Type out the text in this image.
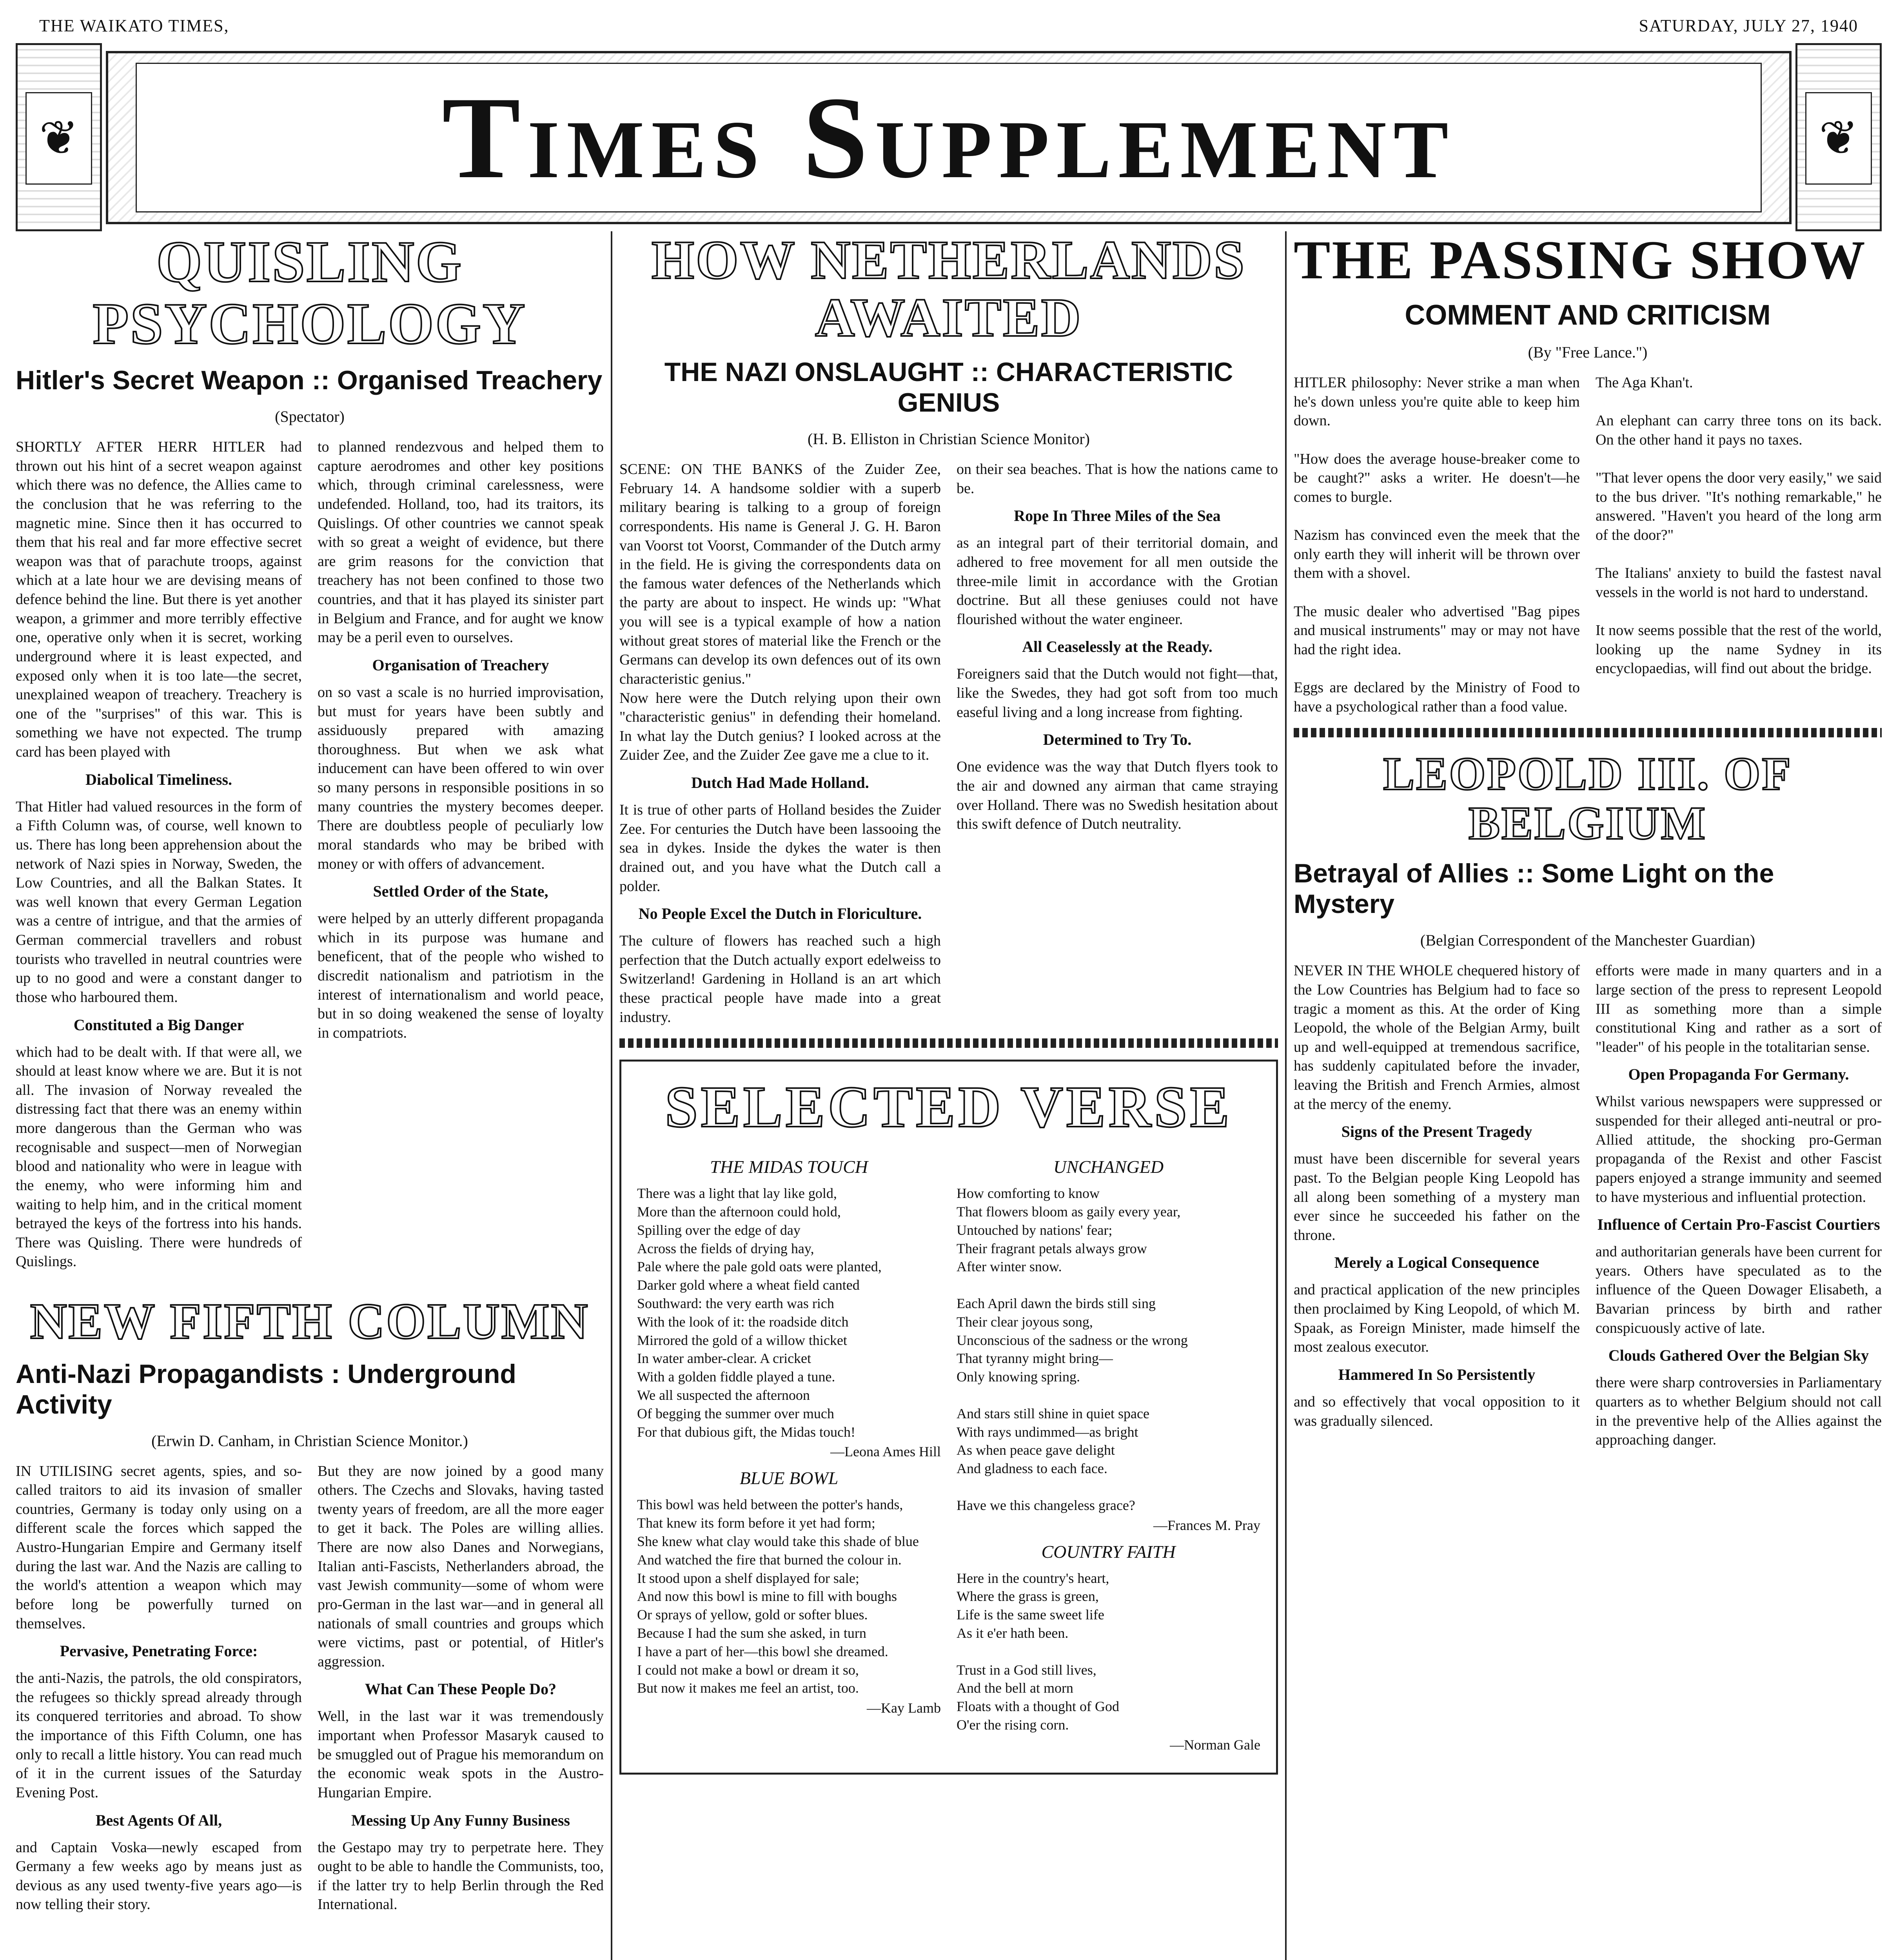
THE WAIKATO TIMES,	SATURDAY, JULY 27, 1940
❦	❦
Times Supplement
QUISLING PSYCHOLOGY
Hitler's Secret Weapon :: Organised Treachery
(Spectator)

SHORTLY AFTER HERR HITLER had thrown out his hint of a secret weapon against which there was no defence, the Allies came to the conclusion that he was referring to the magnetic mine. Since then it has occurred to them that his real and far more effective secret weapon was that of parachute troops, against which at a late hour we are devising means of defence behind the line. But there is yet another weapon, a grimmer and more terribly effective one, operative only when it is secret, working underground where it is least expected, and exposed only when it is too late—the secret, unexplained weapon of treachery. Treachery is one of the "surprises" of this war. This is something we have not expected. The trump card has been played with

Diabolical Timeliness.

That Hitler had valued resources in the form of a Fifth Column was, of course, well known to us. There has long been apprehension about the network of Nazi spies in Norway, Sweden, the Low Countries, and all the Balkan States. It was well known that every German Legation was a centre of intrigue, and that the armies of German commercial travellers and robust tourists who travelled in neutral countries were up to no good and were a constant danger to those who harboured them.

Constituted a Big Danger

which had to be dealt with. If that were all, we should at least know where we are. But it is not all. The invasion of Norway revealed the distressing fact that there was an enemy within more dangerous than the German who was recognisable and suspect—men of Norwegian blood and nationality who were in league with the enemy, who were informing him and waiting to help him, and in the critical moment betrayed the keys of the fortress into his hands. There was Quisling. There were hundreds of Quislings.

to planned rendezvous and helped them to capture aerodromes and other key positions which, through criminal carelessness, were undefended. Holland, too, had its traitors, its Quislings. Of other countries we cannot speak with so great a weight of evidence, but there are grim reasons for the conviction that treachery has not been confined to those two countries, and that it has played its sinister part in Belgium and France, and for aught we know may be a peril even to ourselves.

Organisation of Treachery

on so vast a scale is no hurried improvisation, but must for years have been subtly and assiduously prepared with amazing thoroughness. But when we ask what inducement can have been offered to win over so many persons in responsible positions in so many countries the mystery becomes deeper. There are doubtless people of peculiarly low moral standards who may be bribed with money or with offers of advancement.

Settled Order of the State,

were helped by an utterly different propaganda which in its purpose was humane and beneficent, that of the people who wished to discredit nationalism and patriotism in the interest of internationalism and world peace, but in so doing weakened the sense of loyalty in compatriots.

NEW FIFTH COLUMN
Anti-Nazi Propagandists : Underground Activity
(Erwin D. Canham, in Christian Science Monitor.)

IN UTILISING secret agents, spies, and so-called traitors to aid its invasion of smaller countries, Germany is today only using on a different scale the forces which sapped the Austro-Hungarian Empire and Germany itself during the last war. And the Nazis are calling to the world's attention a weapon which may before long be powerfully turned on themselves.

Pervasive, Penetrating Force:

the anti-Nazis, the patrols, the old conspirators, the refugees so thickly spread already through its conquered territories and abroad. To show the importance of this Fifth Column, one has only to recall a little history. You can read much of it in the current issues of the Saturday Evening Post.

Best Agents Of All,

and Captain Voska—newly escaped from Germany a few weeks ago by means just as devious as any used twenty-five years ago—is now telling their story.

But they are now joined by a good many others. The Czechs and Slovaks, having tasted twenty years of freedom, are all the more eager to get it back. The Poles are willing allies. There are now also Danes and Norwegians, Italian anti-Fascists, Netherlanders abroad, the vast Jewish community—some of whom were pro-German in the last war—and in general all nationals of small countries and groups which were victims, past or potential, of Hitler's aggression.

What Can These People Do?

Well, in the last war it was tremendously important when Professor Masaryk caused to be smuggled out of Prague his memorandum on the economic weak spots in the Austro-Hungarian Empire.

Messing Up Any Funny Business

the Gestapo may try to perpetrate here. They ought to be able to handle the Communists, too, if the latter try to help Berlin through the Red International.

HOW NETHERLANDS AWAITED
THE NAZI ONSLAUGHT :: CHARACTERISTIC GENIUS
(H. B. Elliston in Christian Science Monitor)

SCENE: ON THE BANKS of the Zuider Zee, February 14. A handsome soldier with a superb military bearing is talking to a group of foreign correspondents. His name is General J. G. H. Baron van Voorst tot Voorst, Commander of the Dutch army in the field. He is giving the correspondents data on the famous water defences of the Netherlands which the party are about to inspect. He winds up: "What you will see is a typical example of how a nation without great stores of material like the French or the Germans can develop its own defences out of its own characteristic genius."

Now here were the Dutch relying upon their own "characteristic genius" in defending their homeland. In what lay the Dutch genius? I looked across at the Zuider Zee, and the Zuider Zee gave me a clue to it.

Dutch Had Made Holland.

It is true of other parts of Holland besides the Zuider Zee. For centuries the Dutch have been lassooing the sea in dykes. Inside the dykes the water is then drained out, and you have what the Dutch call a polder.

No People Excel the Dutch in Floriculture.

The culture of flowers has reached such a high perfection that the Dutch actually export edelweiss to Switzerland! Gardening in Holland is an art which these practical people have made into a great industry.

on their sea beaches. That is how the nations came to be.

Rope In Three Miles of the Sea

as an integral part of their territorial domain, and adhered to free movement for all men outside the three-mile limit in accordance with the Grotian doctrine. But all these geniuses could not have flourished without the water engineer.

All Ceaselessly at the Ready.

Foreigners said that the Dutch would not fight—that, like the Swedes, they had got soft from too much easeful living and a long increase from fighting.

Determined to Try To.

One evidence was the way that Dutch flyers took to the air and downed any airman that came straying over Holland. There was no Swedish hesitation about this swift defence of Dutch neutrality.

SELECTED VERSE
THE MIDAS TOUCH

There was a light that lay like gold,
More than the afternoon could hold,
Spilling over the edge of day
Across the fields of drying hay,
Pale where the pale gold oats were planted,
Darker gold where a wheat field canted
Southward: the very earth was rich
With the look of it: the roadside ditch
Mirrored the gold of a willow thicket
In water amber-clear. A cricket
With a golden fiddle played a tune.
We all suspected the afternoon
Of begging the summer over much
For that dubious gift, the Midas touch!

—Leona Ames Hill
BLUE BOWL

This bowl was held between the potter's hands,
That knew its form before it yet had form;
She knew what clay would take this shade of blue
And watched the fire that burned the colour in.
It stood upon a shelf displayed for sale;
And now this bowl is mine to fill with boughs
Or sprays of yellow, gold or softer blues.
Because I had the sum she asked, in turn
I have a part of her—this bowl she dreamed.
I could not make a bowl or dream it so,
But now it makes me feel an artist, too.

—Kay Lamb
UNCHANGED

How comforting to know
That flowers bloom as gaily every year,
Untouched by nations' fear;
Their fragrant petals always grow
After winter snow.

Each April dawn the birds still sing
Their clear joyous song,
Unconscious of the sadness or the wrong
That tyranny might bring—
Only knowing spring.

And stars still shine in quiet space
With rays undimmed—as bright
As when peace gave delight
And gladness to each face.

Have we this changeless grace?

—Frances M. Pray
COUNTRY FAITH

Here in the country's heart,
Where the grass is green,
Life is the same sweet life
As it e'er hath been.

Trust in a God still lives,
And the bell at morn
Floats with a thought of God
O'er the rising corn.

—Norman Gale
THE PASSING SHOW
COMMENT AND CRITICISM
(By "Free Lance.")

HITLER philosophy: Never strike a man when he's down unless you're quite able to keep him down.

"How does the average house-breaker come to be caught?" asks a writer. He doesn't—he comes to burgle.

Nazism has convinced even the meek that the only earth they will inherit will be thrown over them with a shovel.

The music dealer who advertised "Bag pipes and musical instruments" may or may not have had the right idea.

Eggs are declared by the Ministry of Food to have a psychological rather than a food value.

The Aga Khan't.

An elephant can carry three tons on its back. On the other hand it pays no taxes.

"That lever opens the door very easily," we said to the bus driver. "It's nothing remarkable," he answered. "Haven't you heard of the long arm of the door?"

The Italians' anxiety to build the fastest naval vessels in the world is not hard to understand.

It now seems possible that the rest of the world, looking up the name Sydney in its encyclopaedias, will find out about the bridge.

LEOPOLD III. OF BELGIUM
Betrayal of Allies :: Some Light on the Mystery
(Belgian Correspondent of the Manchester Guardian)

NEVER IN THE WHOLE chequered history of the Low Countries has Belgium had to face so tragic a moment as this. At the order of King Leopold, the whole of the Belgian Army, built up and well-equipped at tremendous sacrifice, has suddenly capitulated before the invader, leaving the British and French Armies, almost at the mercy of the enemy.

Signs of the Present Tragedy

must have been discernible for several years past. To the Belgian people King Leopold has all along been something of a mystery man ever since he succeeded his father on the throne.

Merely a Logical Consequence

and practical application of the new principles then proclaimed by King Leopold, of which M. Spaak, as Foreign Minister, made himself the most zealous executor.

Hammered In So Persistently

and so effectively that vocal opposition to it was gradually silenced.

efforts were made in many quarters and in a large section of the press to represent Leopold III as something more than a simple constitutional King and rather as a sort of "leader" of his people in the totalitarian sense.

Open Propaganda For Germany.

Whilst various newspapers were suppressed or suspended for their alleged anti-neutral or pro-Allied attitude, the shocking pro-German propaganda of the Rexist and other Fascist papers enjoyed a strange immunity and seemed to have mysterious and influential protection.

Influence of Certain Pro-Fascist Courtiers

and authoritarian generals have been current for years. Others have speculated as to the influence of the Queen Dowager Elisabeth, a Bavarian princess by birth and rather conspicuously active of late.

Clouds Gathered Over the Belgian Sky

there were sharp controversies in Parliamentary quarters as to whether Belgium should not call in the preventive help of the Allies against the approaching danger.
